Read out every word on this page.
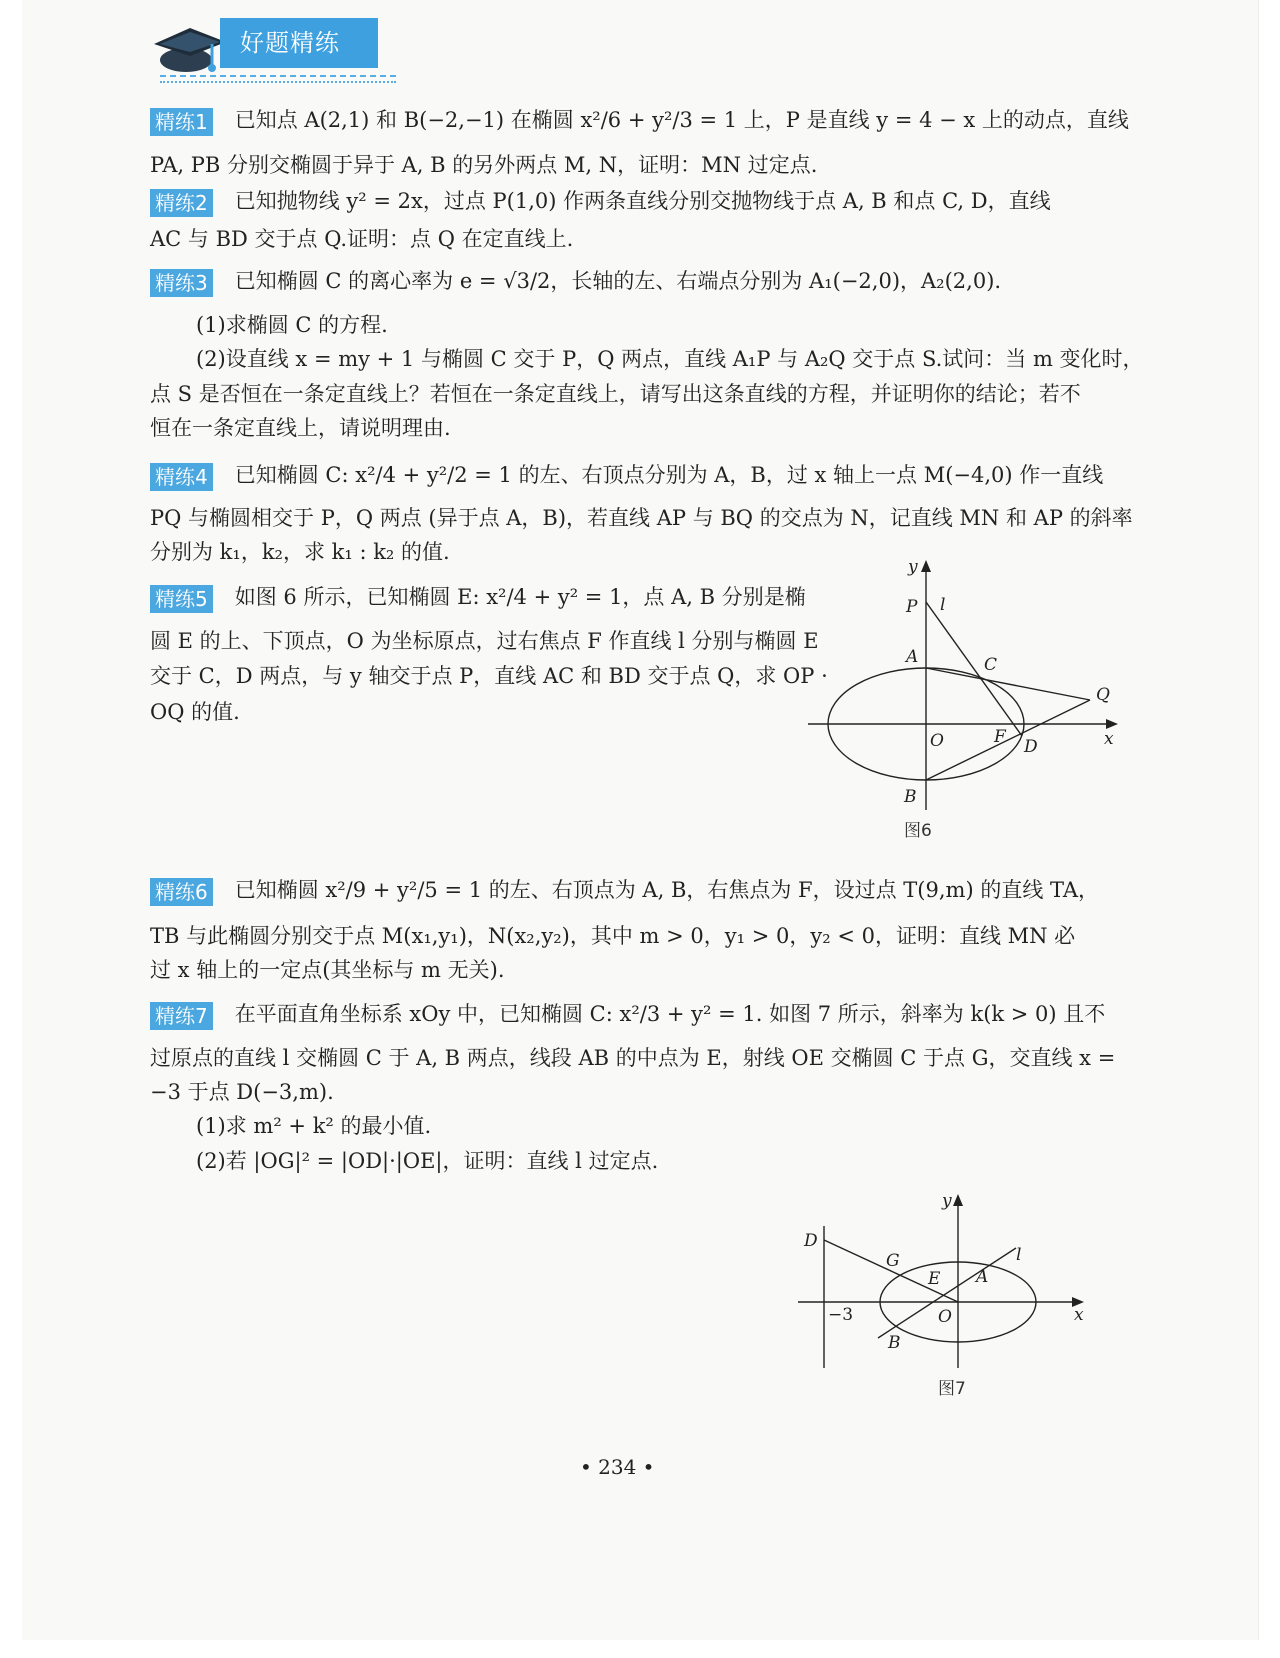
好题精练
精练1 已知点 A(2,1) 和 B(−2,−1) 在椭圆 x²/6 + y²/3 = 1 上，P 是直线 y = 4 − x 上的动点，直线
PA, PB 分别交椭圆于异于 A, B 的另外两点 M, N，证明：MN 过定点.
精练2 已知抛物线 y² = 2x，过点 P(1,0) 作两条直线分别交抛物线于点 A, B 和点 C, D，直线
AC 与 BD 交于点 Q.证明：点 Q 在定直线上.
精练3 已知椭圆 C 的离心率为 e = √3/2，长轴的左、右端点分别为 A₁(−2,0)，A₂(2,0).
(1)求椭圆 C 的方程.
(2)设直线 x = my + 1 与椭圆 C 交于 P，Q 两点，直线 A₁P 与 A₂Q 交于点 S.试问：当 m 变化时，
点 S 是否恒在一条定直线上？若恒在一条定直线上，请写出这条直线的方程，并证明你的结论；若不
恒在一条定直线上，请说明理由.
精练4 已知椭圆 C: x²/4 + y²/2 = 1 的左、右顶点分别为 A，B，过 x 轴上一点 M(−4,0) 作一直线
PQ 与椭圆相交于 P，Q 两点 (异于点 A，B)，若直线 AP 与 BQ 的交点为 N，记直线 MN 和 AP 的斜率
分别为 k₁，k₂，求 k₁ : k₂ 的值.
精练5 如图 6 所示，已知椭圆 E: x²/4 + y² = 1，点 A, B 分别是椭
圆 E 的上、下顶点，O 为坐标原点，过右焦点 F 作直线 l 分别与椭圆 E
交于 C，D 两点，与 y 轴交于点 P，直线 AC 和 BD 交于点 Q，求 OP ·
OQ 的值.
精练6 已知椭圆 x²/9 + y²/5 = 1 的左、右顶点为 A, B，右焦点为 F，设过点 T(9,m) 的直线 TA，
TB 与此椭圆分别交于点 M(x₁,y₁)，N(x₂,y₂)，其中 m > 0，y₁ > 0，y₂ < 0，证明：直线 MN 必
过 x 轴上的一定点(其坐标与 m 无关).
精练7 在平面直角坐标系 xOy 中，已知椭圆 C: x²/3 + y² = 1. 如图 7 所示，斜率为 k(k > 0) 且不
过原点的直线 l 交椭圆 C 于 A, B 两点，线段 AB 的中点为 E，射线 OE 交椭圆 C 于点 G，交直线 x =
−3 于点 D(−3,m).
(1)求 m² + k² 的最小值.
(2)若 |OG|² = |OD|·|OE|，证明：直线 l 过定点.
y
P l
A	C
Q
O	F D	x
B
图6
y
D
G
E A
l
−3	O	x
B
图7
• 234 •
